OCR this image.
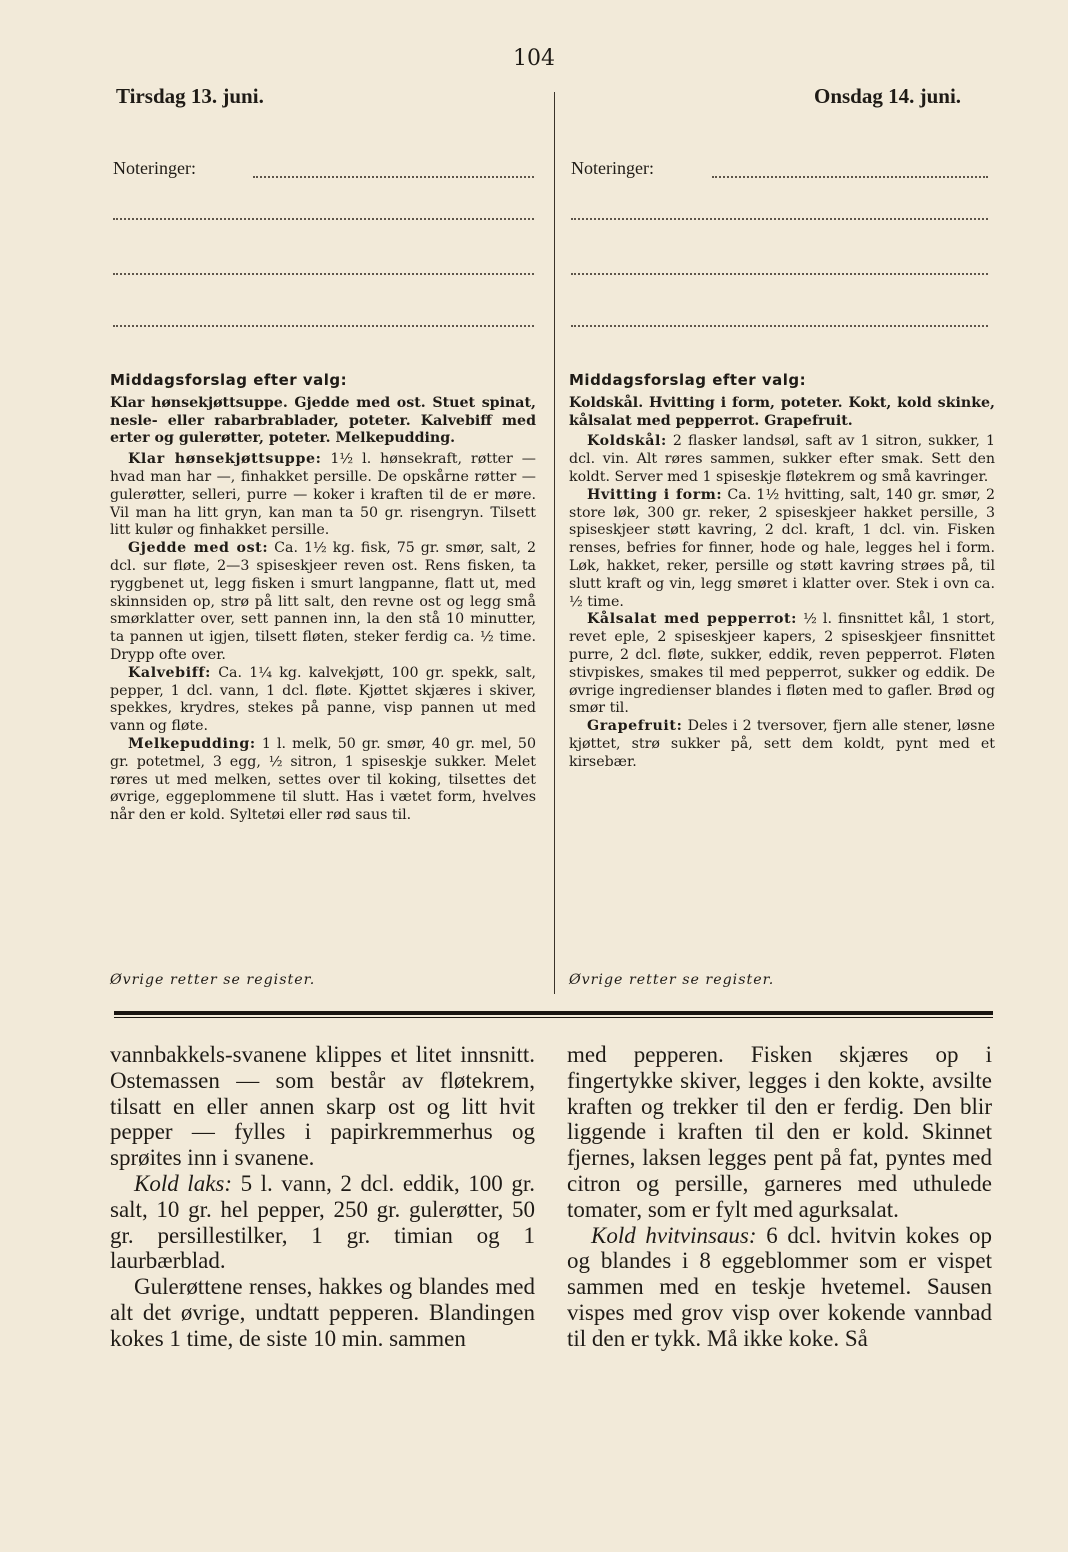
104
Tirsdag 13. juni.	Onsdag 14. juni.
Noteringer:	Noteringer:
Middagsforslag efter valg:

Klar hønsekjøttsuppe. Gjedde med ost. Stuet spinat, nesle- eller rabarbrablader, poteter. Kalvebiff med erter og gulerøtter, poteter. Melkepudding.

Klar hønsekjøttsuppe: 1½ l. hønsekraft, røtter — hvad man har —, finhakket persille. De opskårne røtter — gulerøtter, selleri, purre — koker i kraften til de er møre. Vil man ha litt gryn, kan man ta 50 gr. risengryn. Tilsett litt kulør og finhakket persille.

Gjedde med ost: Ca. 1½ kg. fisk, 75 gr. smør, salt, 2 dcl. sur fløte, 2—3 spiseskjeer reven ost. Rens fisken, ta ryggbenet ut, legg fisken i smurt langpanne, flatt ut, med skinnsiden op, strø på litt salt, den revne ost og legg små smørklatter over, sett pannen inn, la den stå 10 minutter, ta pannen ut igjen, tilsett fløten, steker ferdig ca. ½ time. Drypp ofte over.

Kalvebiff: Ca. 1¼ kg. kalvekjøtt, 100 gr. spekk, salt, pepper, 1 dcl. vann, 1 dcl. fløte. Kjøttet skjæres i skiver, spekkes, krydres, stekes på panne, visp pannen ut med vann og fløte.

Melkepudding: 1 l. melk, 50 gr. smør, 40 gr. mel, 50 gr. potetmel, 3 egg, ½ sitron, 1 spiseskje sukker. Melet røres ut med melken, settes over til koking, tilsettes det øvrige, eggeplommene til slutt. Has i vætet form, hvelves når den er kold. Syltetøi eller rød saus til.

Øvrige retter se register.
Middagsforslag efter valg:

Koldskål. Hvitting i form, poteter. Kokt, kold skinke, kålsalat med pepperrot. Grapefruit.

Koldskål: 2 flasker landsøl, saft av 1 sitron, sukker, 1 dcl. vin. Alt røres sammen, sukker efter smak. Sett den koldt. Server med 1 spiseskje fløtekrem og små kavringer.

Hvitting i form: Ca. 1½ hvitting, salt, 140 gr. smør, 2 store løk, 300 gr. reker, 2 spiseskjeer hakket persille, 3 spiseskjeer støtt kavring, 2 dcl. kraft, 1 dcl. vin. Fisken renses, befries for finner, hode og hale, legges hel i form. Løk, hakket, reker, persille og støtt kavring strøes på, til slutt kraft og vin, legg smøret i klatter over. Stek i ovn ca. ½ time.

Kålsalat med pepperrot: ½ l. finsnittet kål, 1 stort, revet eple, 2 spiseskjeer kapers, 2 spiseskjeer finsnittet purre, 2 dcl. fløte, sukker, eddik, reven pepperrot. Fløten stivpiskes, smakes til med pepperrot, sukker og eddik. De øvrige ingredienser blandes i fløten med to gafler. Brød og smør til.

Grapefruit: Deles i 2 tversover, fjern alle stener, løsne kjøttet, strø sukker på, sett dem koldt, pynt med et kirsebær.

Øvrige retter se register.

vannbakkels-svanene klippes et litet innsnitt. Ostemassen — som består av fløtekrem, tilsatt en eller annen skarp ost og litt hvit pepper — fylles i papirkremmerhus og sprøites inn i svanene.

Kold laks: 5 l. vann, 2 dcl. eddik, 100 gr. salt, 10 gr. hel pepper, 250 gr. gulerøtter, 50 gr. persillestilker, 1 gr. timian og 1 laurbærblad.

Gulerøttene renses, hakkes og blandes med alt det øvrige, undtatt pepperen. Blandingen kokes 1 time, de siste 10 min. sammen

med pepperen. Fisken skjæres op i fingertykke skiver, legges i den kokte, avsilte kraften og trekker til den er ferdig. Den blir liggende i kraften til den er kold. Skinnet fjernes, laksen legges pent på fat, pyntes med citron og persille, garneres med uthulede tomater, som er fylt med agurksalat.

Kold hvitvinsaus: 6 dcl. hvitvin kokes op og blandes i 8 eggeblommer som er vispet sammen med en teskje hvetemel. Sausen vispes med grov visp over kokende vannbad til den er tykk. Må ikke koke. Så
